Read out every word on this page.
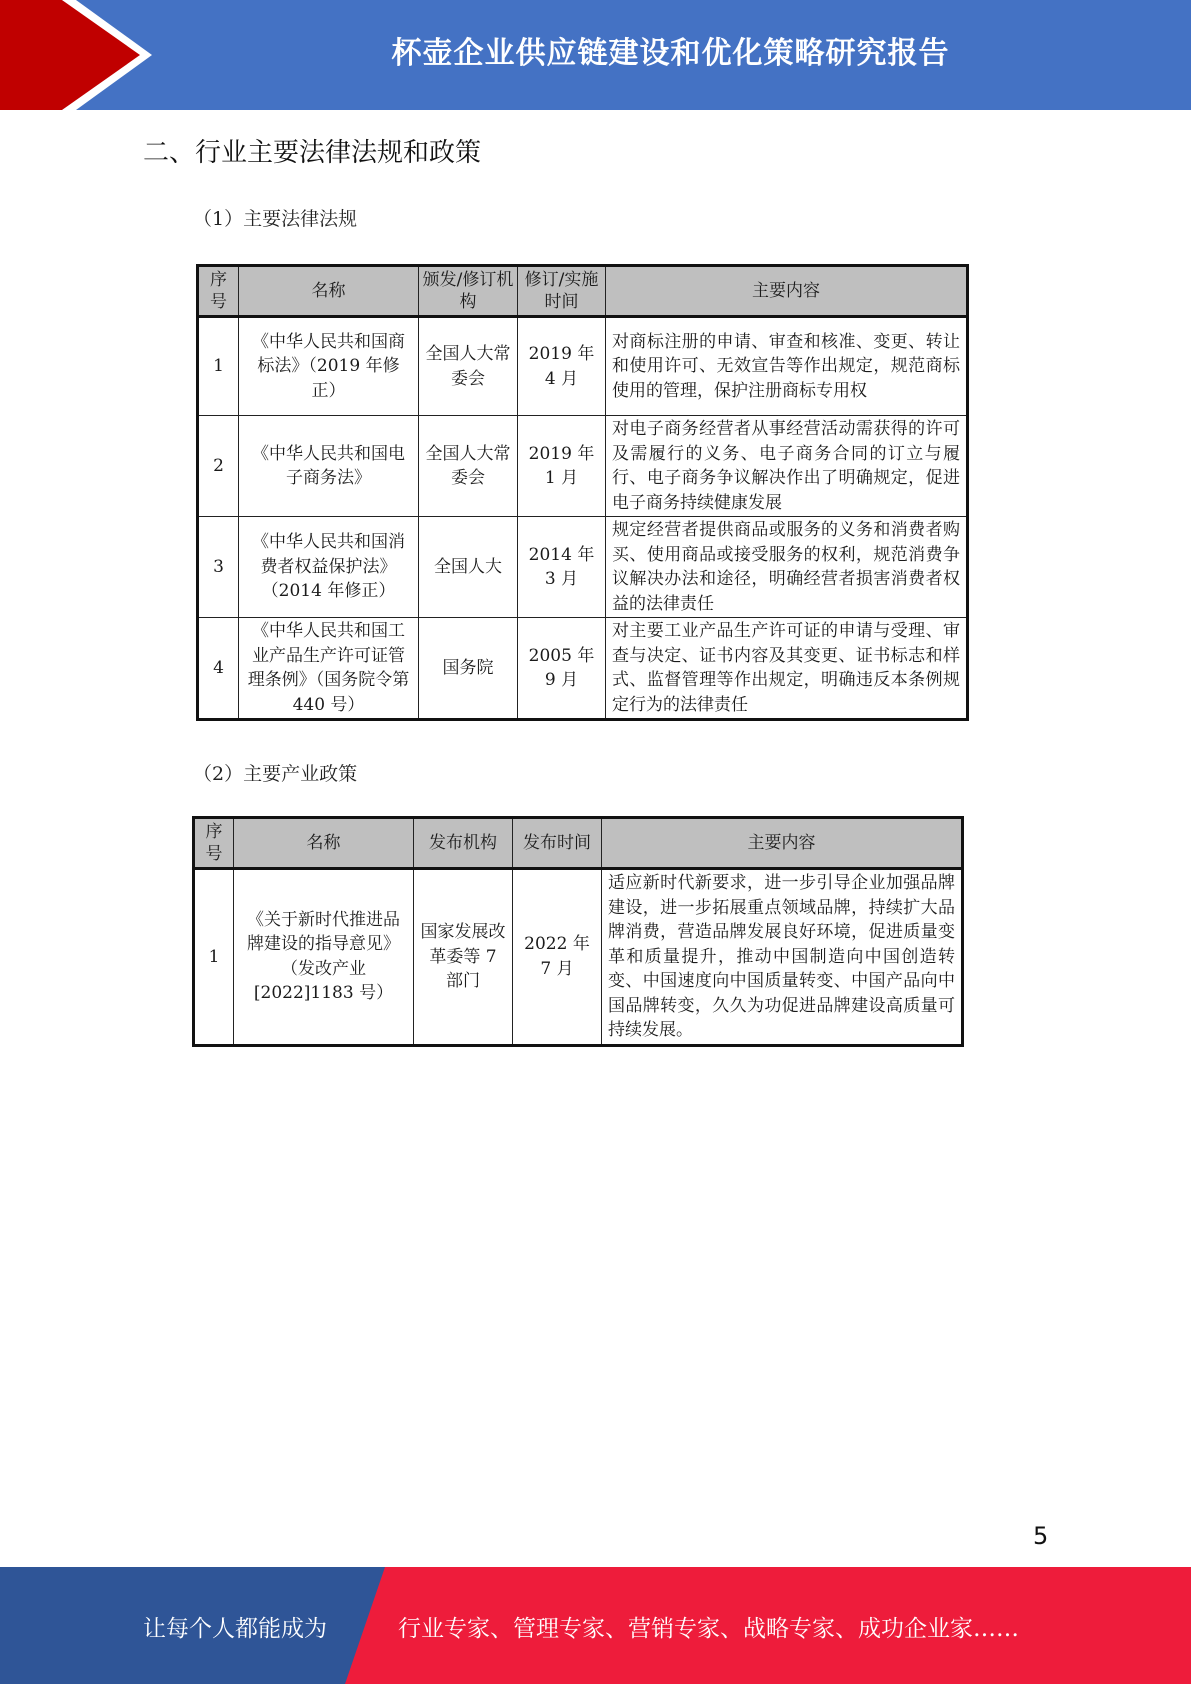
杯壶企业供应链建设和优化策略研究报告
二、行业主要法律法规和政策
（1）主要法律法规
序号	名称	颁发/修订机构	修订/实施时间	主要内容
1	《中华人民共和国商标法》（2019 年修正）	全国人大常委会	2019 年 4 月	对商标注册的申请、审查和核准、变更、转让和使用许可、无效宣告等作出规定，规范商标使用的管理，保护注册商标专用权
2	《中华人民共和国电子商务法》	全国人大常委会	2019 年 1 月	对电子商务经营者从事经营活动需获得的许可及需履行的义务、电子商务合同的订立与履行、电子商务争议解决作出了明确规定，促进电子商务持续健康发展
3	《中华人民共和国消费者权益保护法》（2014 年修正）	全国人大	2014 年 3 月	规定经营者提供商品或服务的义务和消费者购买、使用商品或接受服务的权利，规范消费争议解决办法和途径，明确经营者损害消费者权益的法律责任
4	《中华人民共和国工业产品生产许可证管理条例》（国务院令第 440 号）	国务院	2005 年 9 月	对主要工业产品生产许可证的申请与受理、审查与决定、证书内容及其变更、证书标志和样式、监督管理等作出规定，明确违反本条例规定行为的法律责任
（2）主要产业政策
序号	名称	发布机构	发布时间	主要内容
1	《关于新时代推进品牌建设的指导意见》（发改产业[2022]1183 号）	国家发展改革委等 7 部门	2022 年 7 月	适应新时代新要求，进一步引导企业加强品牌建设，进一步拓展重点领域品牌，持续扩大品牌消费，营造品牌发展良好环境，促进质量变革和质量提升，推动中国制造向中国创造转变、中国速度向中国质量转变、中国产品向中国品牌转变，久久为功促进品牌建设高质量可持续发展。
5
让每个人都能成为	行业专家、管理专家、营销专家、战略专家、成功企业家……
